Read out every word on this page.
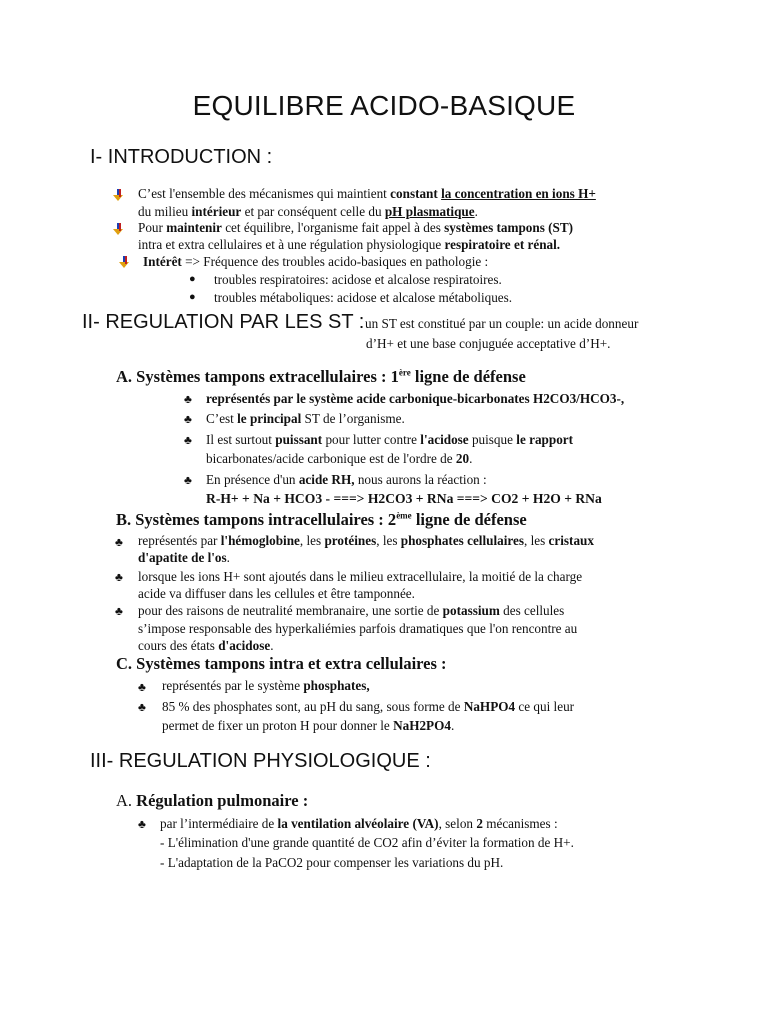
EQUILIBRE ACIDO-BASIQUE
I- INTRODUCTION :
C’est l'ensemble des mécanismes qui maintient constant la concentration en ions H+
du milieu intérieur et par conséquent celle du pH plasmatique.
Pour maintenir cet équilibre, l'organisme fait appel à des systèmes tampons (ST)
intra et extra cellulaires et à une régulation physiologique respiratoire et rénal.
Intérêt => Fréquence des troubles acido-basiques en pathologie :
● troubles respiratoires: acidose et alcalose respiratoires.
● troubles métaboliques: acidose et alcalose métaboliques.
II- REGULATION PAR LES ST : un ST est constitué par un couple: un acide donneur
d’H+ et une base conjuguée acceptative d’H+.
A. Systèmes tampons extracellulaires : 1ère ligne de défense
♣ représentés par le système acide carbonique-bicarbonates H2CO3/HCO3-,
♣ C’est le principal ST de l’organisme.
♣ Il est surtout puissant pour lutter contre l'acidose puisque le rapport
bicarbonates/acide carbonique est de l'ordre de 20.
♣ En présence d'un acide RH, nous aurons la réaction :
R-H+ + Na + HCO3 - ===> H2CO3 + RNa ===> CO2 + H2O + RNa
B. Systèmes tampons intracellulaires : 2ème ligne de défense
♣ représentés par l'hémoglobine, les protéines, les phosphates cellulaires, les cristaux
d'apatite de l'os.
♣ lorsque les ions H+ sont ajoutés dans le milieu extracellulaire, la moitié de la charge
acide va diffuser dans les cellules et être tamponnée.
♣ pour des raisons de neutralité membranaire, une sortie de potassium des cellules
s’impose responsable des hyperkaliémies parfois dramatiques que l'on rencontre au
cours des états d'acidose.
C. Systèmes tampons intra et extra cellulaires :
♣ représentés par le système phosphates,
♣ 85 % des phosphates sont, au pH du sang, sous forme de NaHPO4 ce qui leur
permet de fixer un proton H pour donner le NaH2PO4.
III- REGULATION PHYSIOLOGIQUE :
A. Régulation pulmonaire :
♣ par l’intermédiaire de la ventilation alvéolaire (VA), selon 2 mécanismes :
- L'élimination d'une grande quantité de CO2 afin d’éviter la formation de H+.
- L'adaptation de la PaCO2 pour compenser les variations du pH.
